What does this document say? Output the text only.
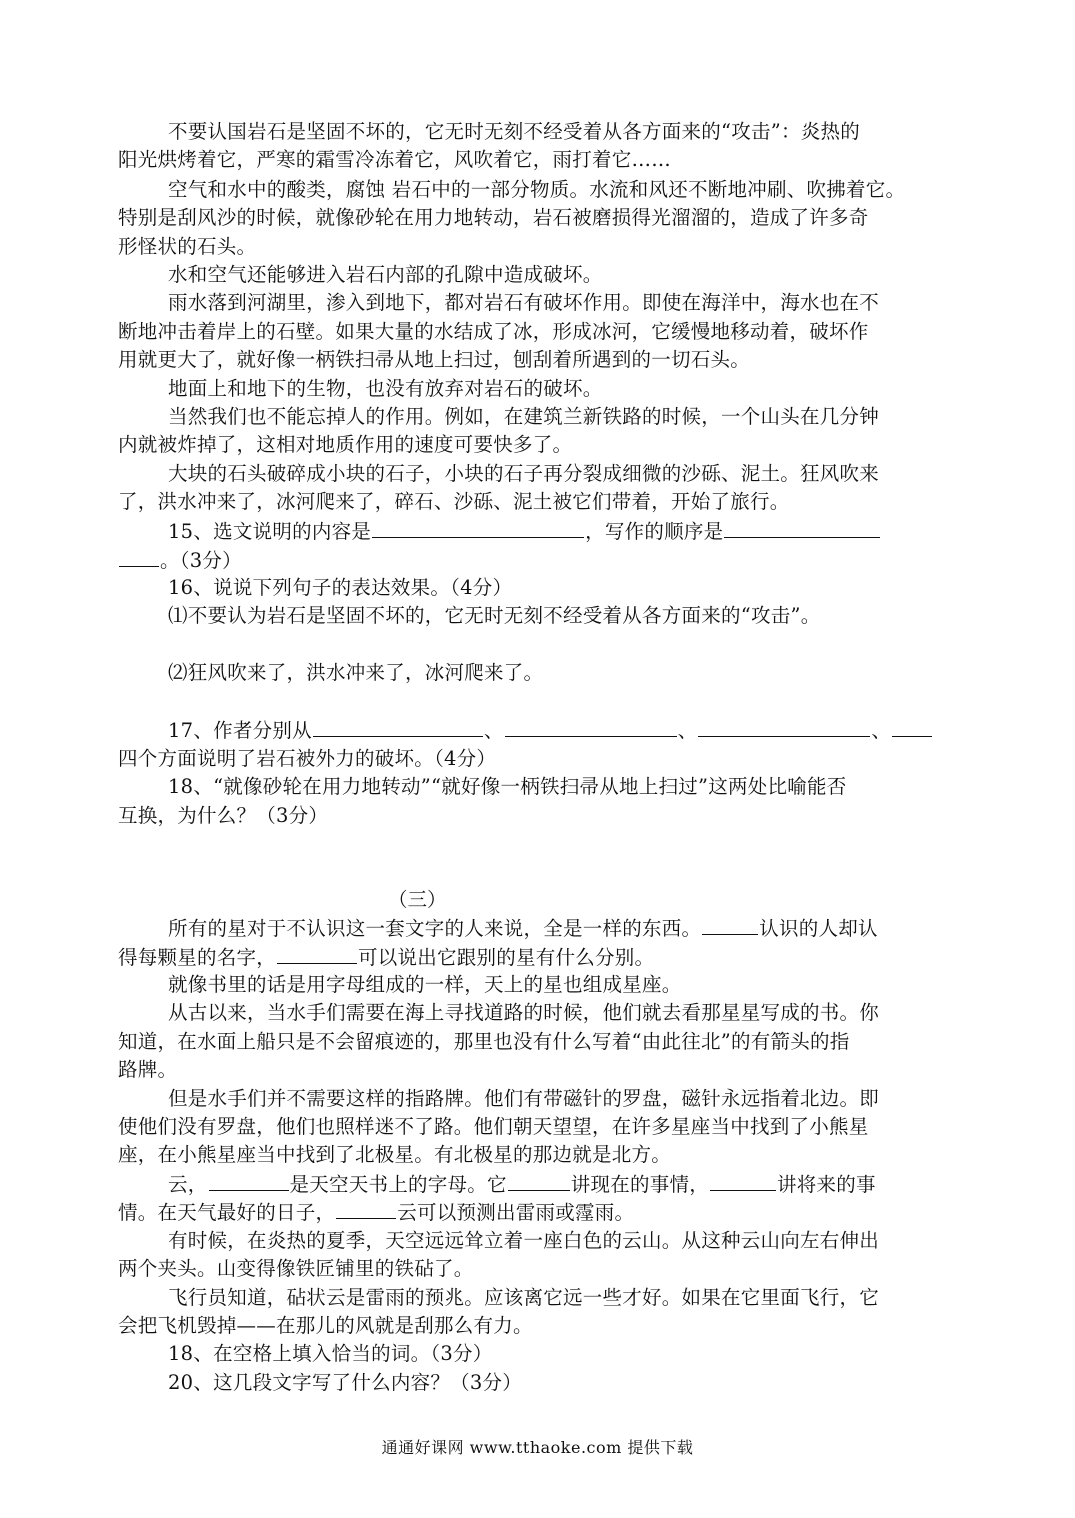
不要认国岩石是坚固不坏的，它无时无刻不经受着从各方面来的“攻击”：炎热的
阳光烘烤着它，严寒的霜雪冷冻着它，风吹着它，雨打着它……
空气和水中的酸类，腐蚀 岩石中的一部分物质。水流和风还不断地冲刷、吹拂着它。
特别是刮风沙的时候，就像砂轮在用力地转动，岩石被磨损得光溜溜的，造成了许多奇
形怪状的石头。
水和空气还能够进入岩石内部的孔隙中造成破坏。
雨水落到河湖里，渗入到地下，都对岩石有破坏作用。即使在海洋中，海水也在不
断地冲击着岸上的石壁。如果大量的水结成了冰，形成冰河，它缓慢地移动着，破坏作
用就更大了，就好像一柄铁扫帚从地上扫过，刨刮着所遇到的一切石头。
地面上和地下的生物，也没有放弃对岩石的破坏。
当然我们也不能忘掉人的作用。例如，在建筑兰新铁路的时候，一个山头在几分钟
内就被炸掉了，这相对地质作用的速度可要快多了。
大块的石头破碎成小块的石子，小块的石子再分裂成细微的沙砾、泥土。狂风吹来
了，洪水冲来了，冰河爬来了，碎石、沙砾、泥土被它们带着，开始了旅行。
15、选文说明的内容是	，写作的顺序是
。（3分）
16、说说下列句子的表达效果。（4分）
⑴不要认为岩石是坚固不坏的，它无时无刻不经受着从各方面来的“攻击”。
⑵狂风吹来了，洪水冲来了，冰河爬来了。
17、作者分别从	、	、	、
四个方面说明了岩石被外力的破坏。（4分）
18、“就像砂轮在用力地转动”“就好像一柄铁扫帚从地上扫过”这两处比喻能否
互换，为什么？（3分）
（三）
所有的星对于不认识这一套文字的人来说，全是一样的东西。	认识的人却认
得每颗星的名字，	可以说出它跟别的星有什么分别。
就像书里的话是用字母组成的一样，天上的星也组成星座。
从古以来，当水手们需要在海上寻找道路的时候，他们就去看那星星写成的书。你
知道，在水面上船只是不会留痕迹的，那里也没有什么写着“由此往北”的有箭头的指
路牌。
但是水手们并不需要这样的指路牌。他们有带磁针的罗盘，磁针永远指着北边。即
使他们没有罗盘，他们也照样迷不了路。他们朝天望望，在许多星座当中找到了小熊星
座，在小熊星座当中找到了北极星。有北极星的那边就是北方。
云，	是天空天书上的字母。它	讲现在的事情，	讲将来的事
情。在天气最好的日子，	云可以预测出雷雨或霪雨。
有时候，在炎热的夏季，天空远远耸立着一座白色的云山。从这种云山向左右伸出
两个夹头。山变得像铁匠铺里的铁砧了。
飞行员知道，砧状云是雷雨的预兆。应该离它远一些才好。如果在它里面飞行，它
会把飞机毁掉——在那儿的风就是刮那么有力。
18、在空格上填入恰当的词。（3分）
20、这几段文字写了什么内容？（3分）
通通好课网 www.tthaoke.com 提供下载
